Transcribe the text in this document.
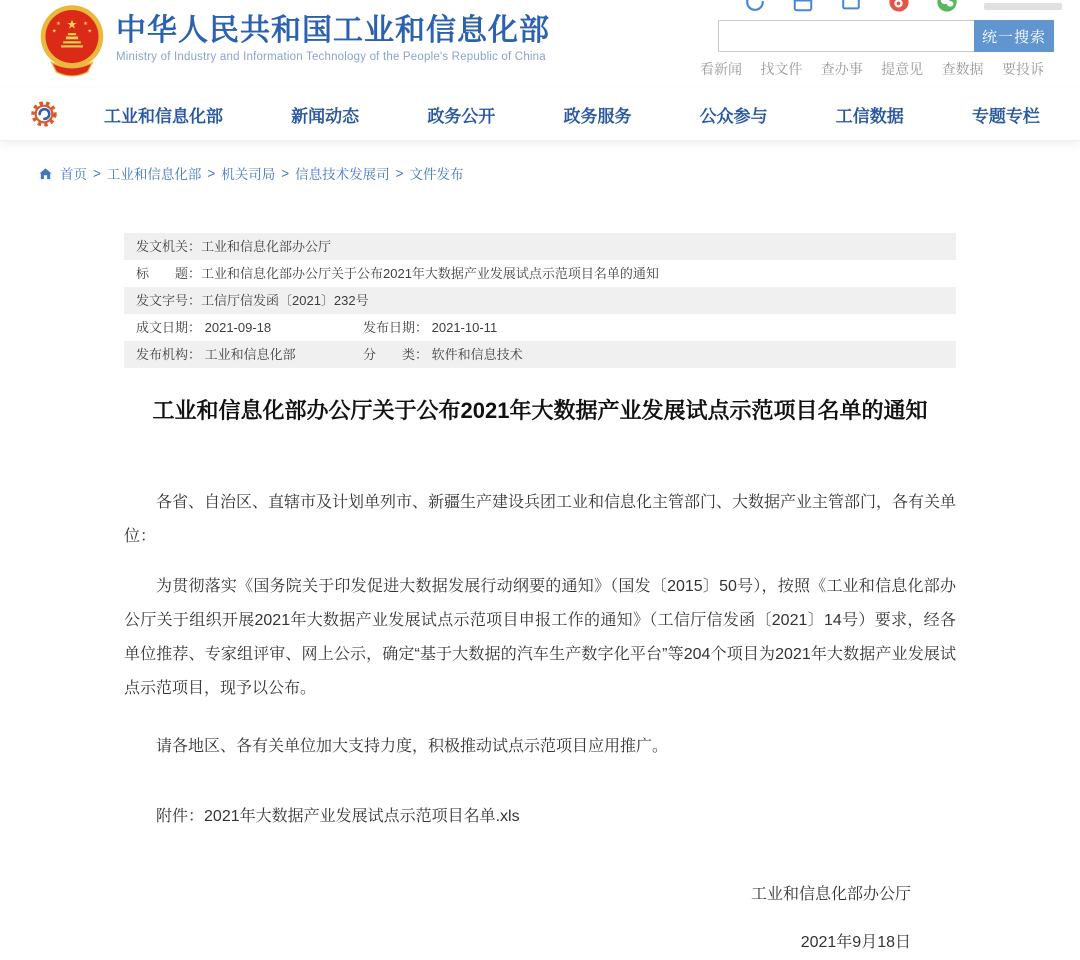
★
★	★
★	★ 中华人民共和国工业和信息化部
Ministry of Industry and Information Technology of the People's Republic of China
统一搜索
看新闻 找文件 查办事 提意见 查数据 要投诉
工业和信息化部	新闻动态	政务公开	政务服务	公众参与	工信数据	专题专栏
首页 > 工业和信息化部 > 机关司局 > 信息技术发展司 > 文件发布
发文机关： 工业和信息化部办公厅
标　　题： 工业和信息化部办公厅关于公布2021年大数据产业发展试点示范项目名单的通知
发文字号： 工信厅信发函〔2021〕232号
成文日期： 2021-09-18	发布日期： 2021-10-11
发布机构： 工业和信息化部	分　　类： 软件和信息技术
工业和信息化部办公厅关于公布2021年大数据产业发展试点示范项目名单的通知

各省、自治区、直辖市及计划单列市、新疆生产建设兵团工业和信息化主管部门、大数据产业主管部门，各有关单位：

为贯彻落实《国务院关于印发促进大数据发展行动纲要的通知》（国发〔2015〕50号），按照《工业和信息化部办公厅关于组织开展2021年大数据产业发展试点示范项目申报工作的通知》（工信厅信发函〔2021〕14号）要求，经各单位推荐、专家组评审、网上公示，确定“基于大数据的汽车生产数字化平台”等204个项目为2021年大数据产业发展试点示范项目，现予以公布。

请各地区、各有关单位加大支持力度，积极推动试点示范项目应用推广。

附件：2021年大数据产业发展试点示范项目名单.xls

工业和信息化部办公厅
2021年9月18日
